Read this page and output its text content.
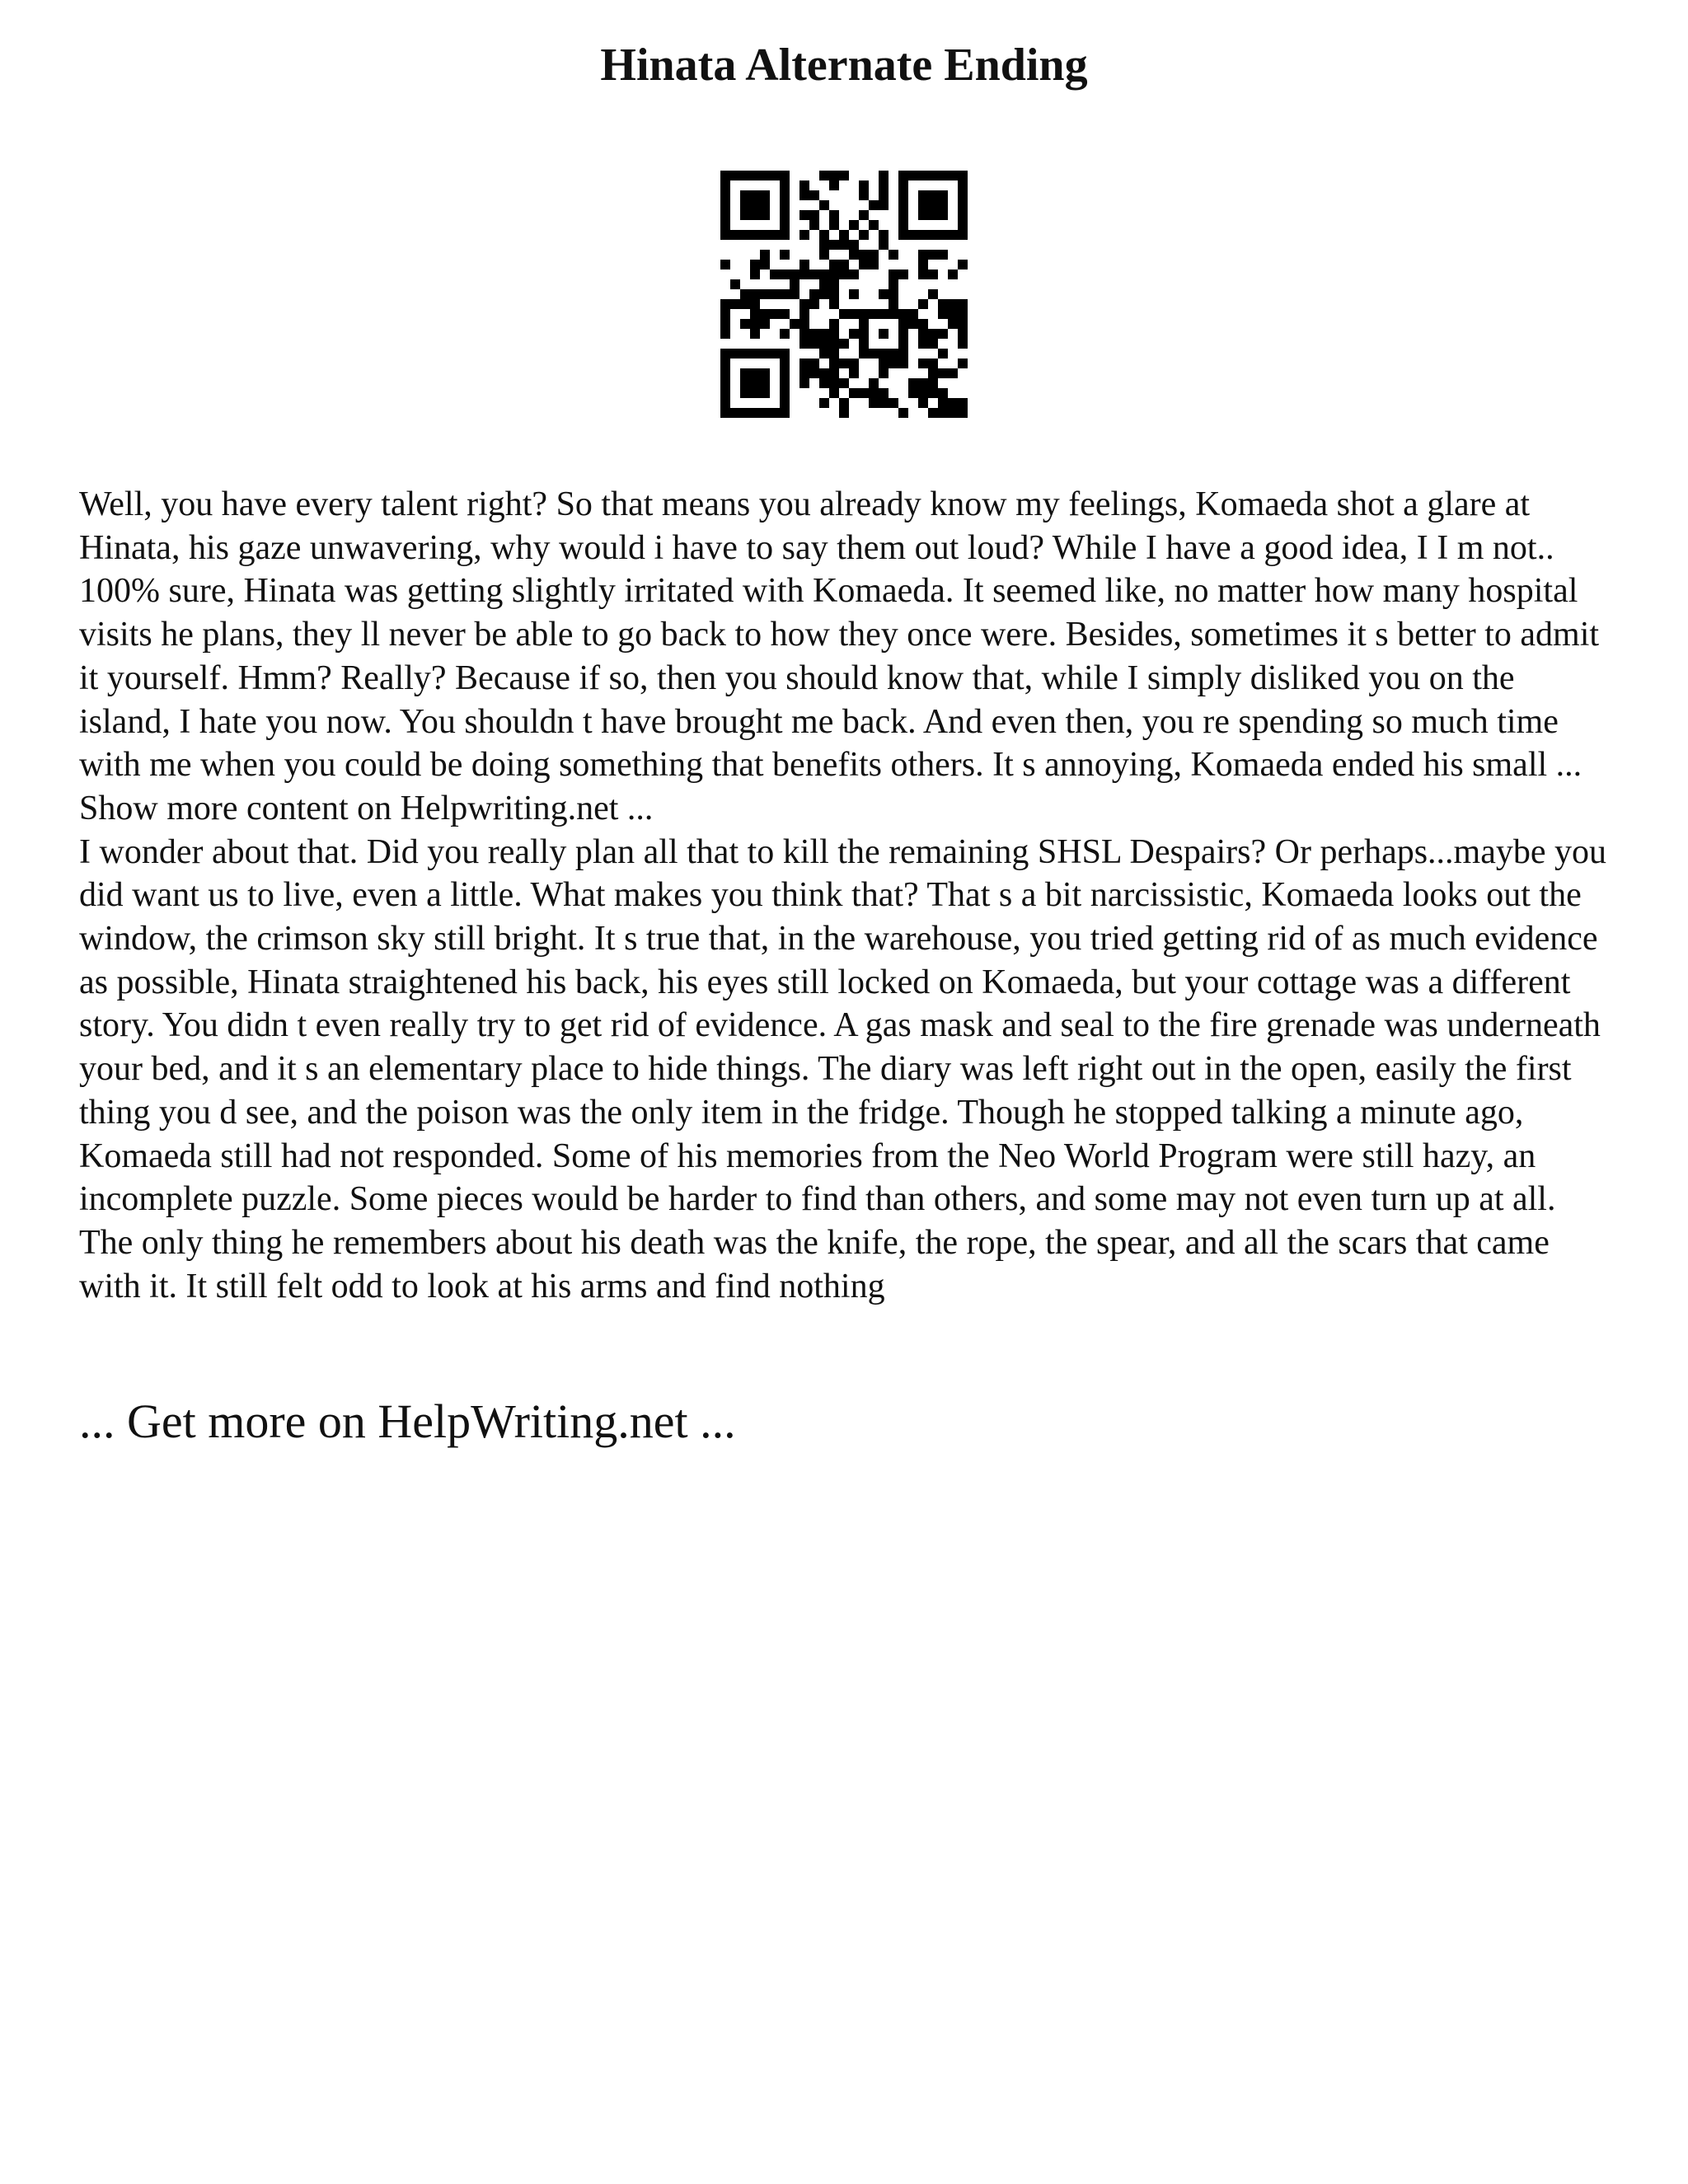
Hinata Alternate Ending

Well, you have every talent right? So that means you already know my feelings, Komaeda shot a glare at Hinata, his gaze unwavering, why would i have to say them out loud? While I have a good idea, I I m not.. 100% sure, Hinata was getting slightly irritated with Komaeda. It seemed like, no matter how many hospital visits he plans, they ll never be able to go back to how they once were. Besides, sometimes it s better to admit it yourself. Hmm? Really? Because if so, then you should know that, while I simply disliked you on the island, I hate you now. You shouldn t have brought me back. And even then, you re spending so much time with me when you could be doing something that benefits others. It s annoying, Komaeda ended his small ... Show more content on Helpwriting.net ...

I wonder about that. Did you really plan all that to kill the remaining SHSL Despairs? Or perhaps...maybe you did want us to live, even a little. What makes you think that? That s a bit narcissistic, Komaeda looks out the window, the crimson sky still bright. It s true that, in the warehouse, you tried getting rid of as much evidence as possible, Hinata straightened his back, his eyes still locked on Komaeda, but your cottage was a different story. You didn t even really try to get rid of evidence. A gas mask and seal to the fire grenade was underneath your bed, and it s an elementary place to hide things. The diary was left right out in the open, easily the first thing you d see, and the poison was the only item in the fridge. Though he stopped talking a minute ago, Komaeda still had not responded. Some of his memories from the Neo World Program were still hazy, an incomplete puzzle. Some pieces would be harder to find than others, and some may not even turn up at all. The only thing he remembers about his death was the knife, the rope, the spear, and all the scars that came with it. It still felt odd to look at his arms and find nothing

... Get more on HelpWriting.net ...
